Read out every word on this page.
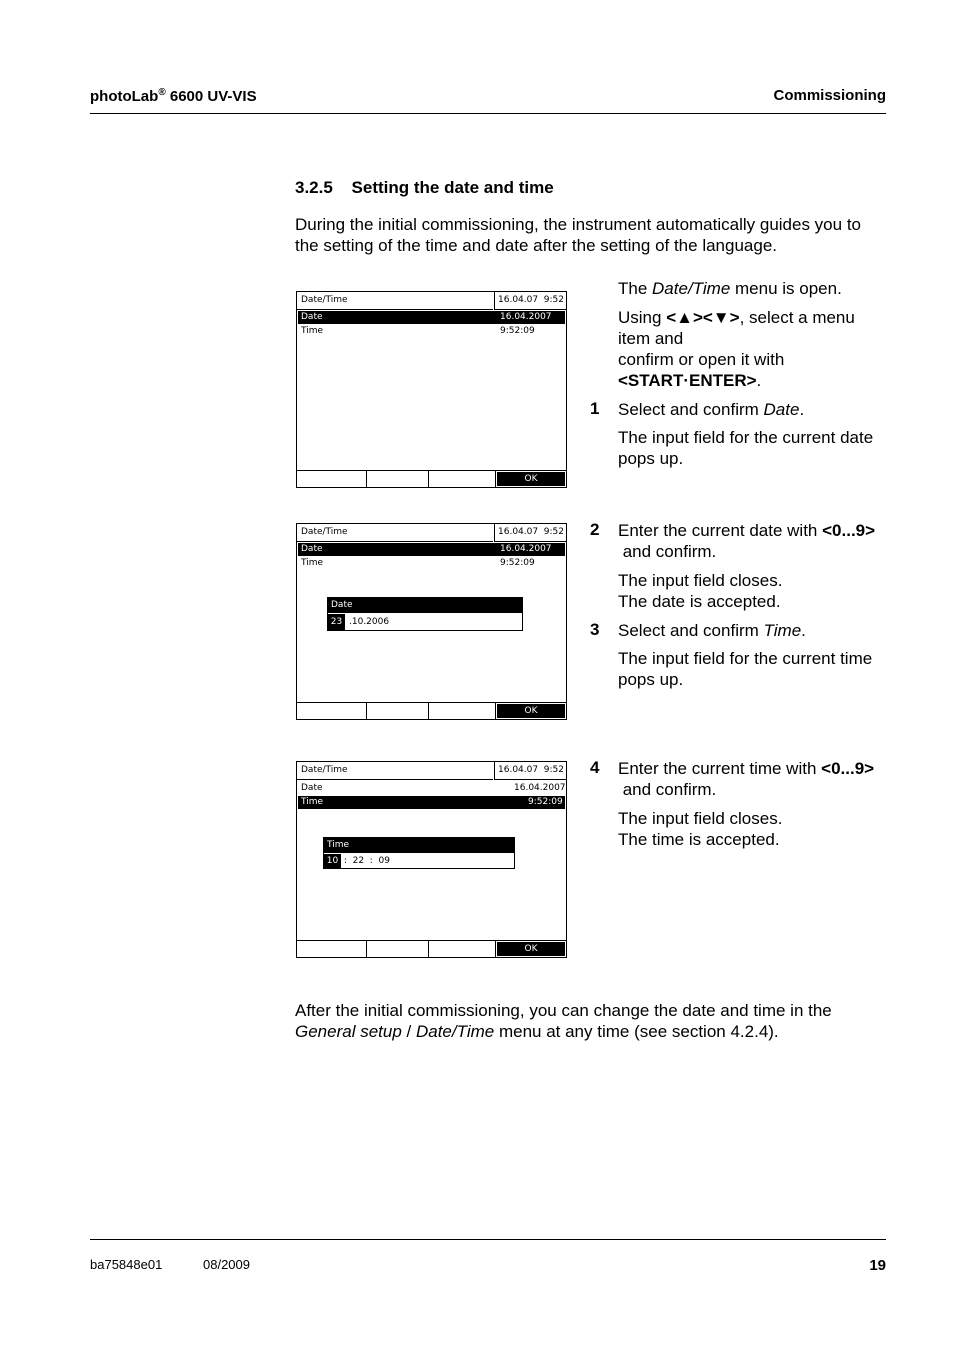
photoLab® 6600 UV-VIS	Commissioning
3.2.5 Setting the date and time
During the initial commissioning, the instrument automatically guides you to the setting of the time and date after the setting of the language.
Date/Time	16.04.07  9:52
Date	16.04.2007
Time	9:52:09
OK
Date/Time	16.04.07  9:52
Date	16.04.2007
Time	9:52:09
Date
23 .10.2006
OK
Date/Time	16.04.07  9:52
Date	16.04.2007
Time	9:52:09
Time
10 :  22  :  09
OK
The Date/Time menu is open.
Using <▲><▼>, select a menu item and
confirm or open it with
<START·ENTER>.
1 Select and confirm Date.
The input field for the current date pops up.
2 Enter the current date with <0...9> and confirm.
The input field closes.
The date is accepted.
3 Select and confirm Time.
The input field for the current time pops up.
4 Enter the current time with <0...9> and confirm.
The input field closes.
The time is accepted.
After the initial commissioning, you can change the date and time in the General setup / Date/Time menu at any time (see section 4.2.4).
ba75848e01	08/2009	19
